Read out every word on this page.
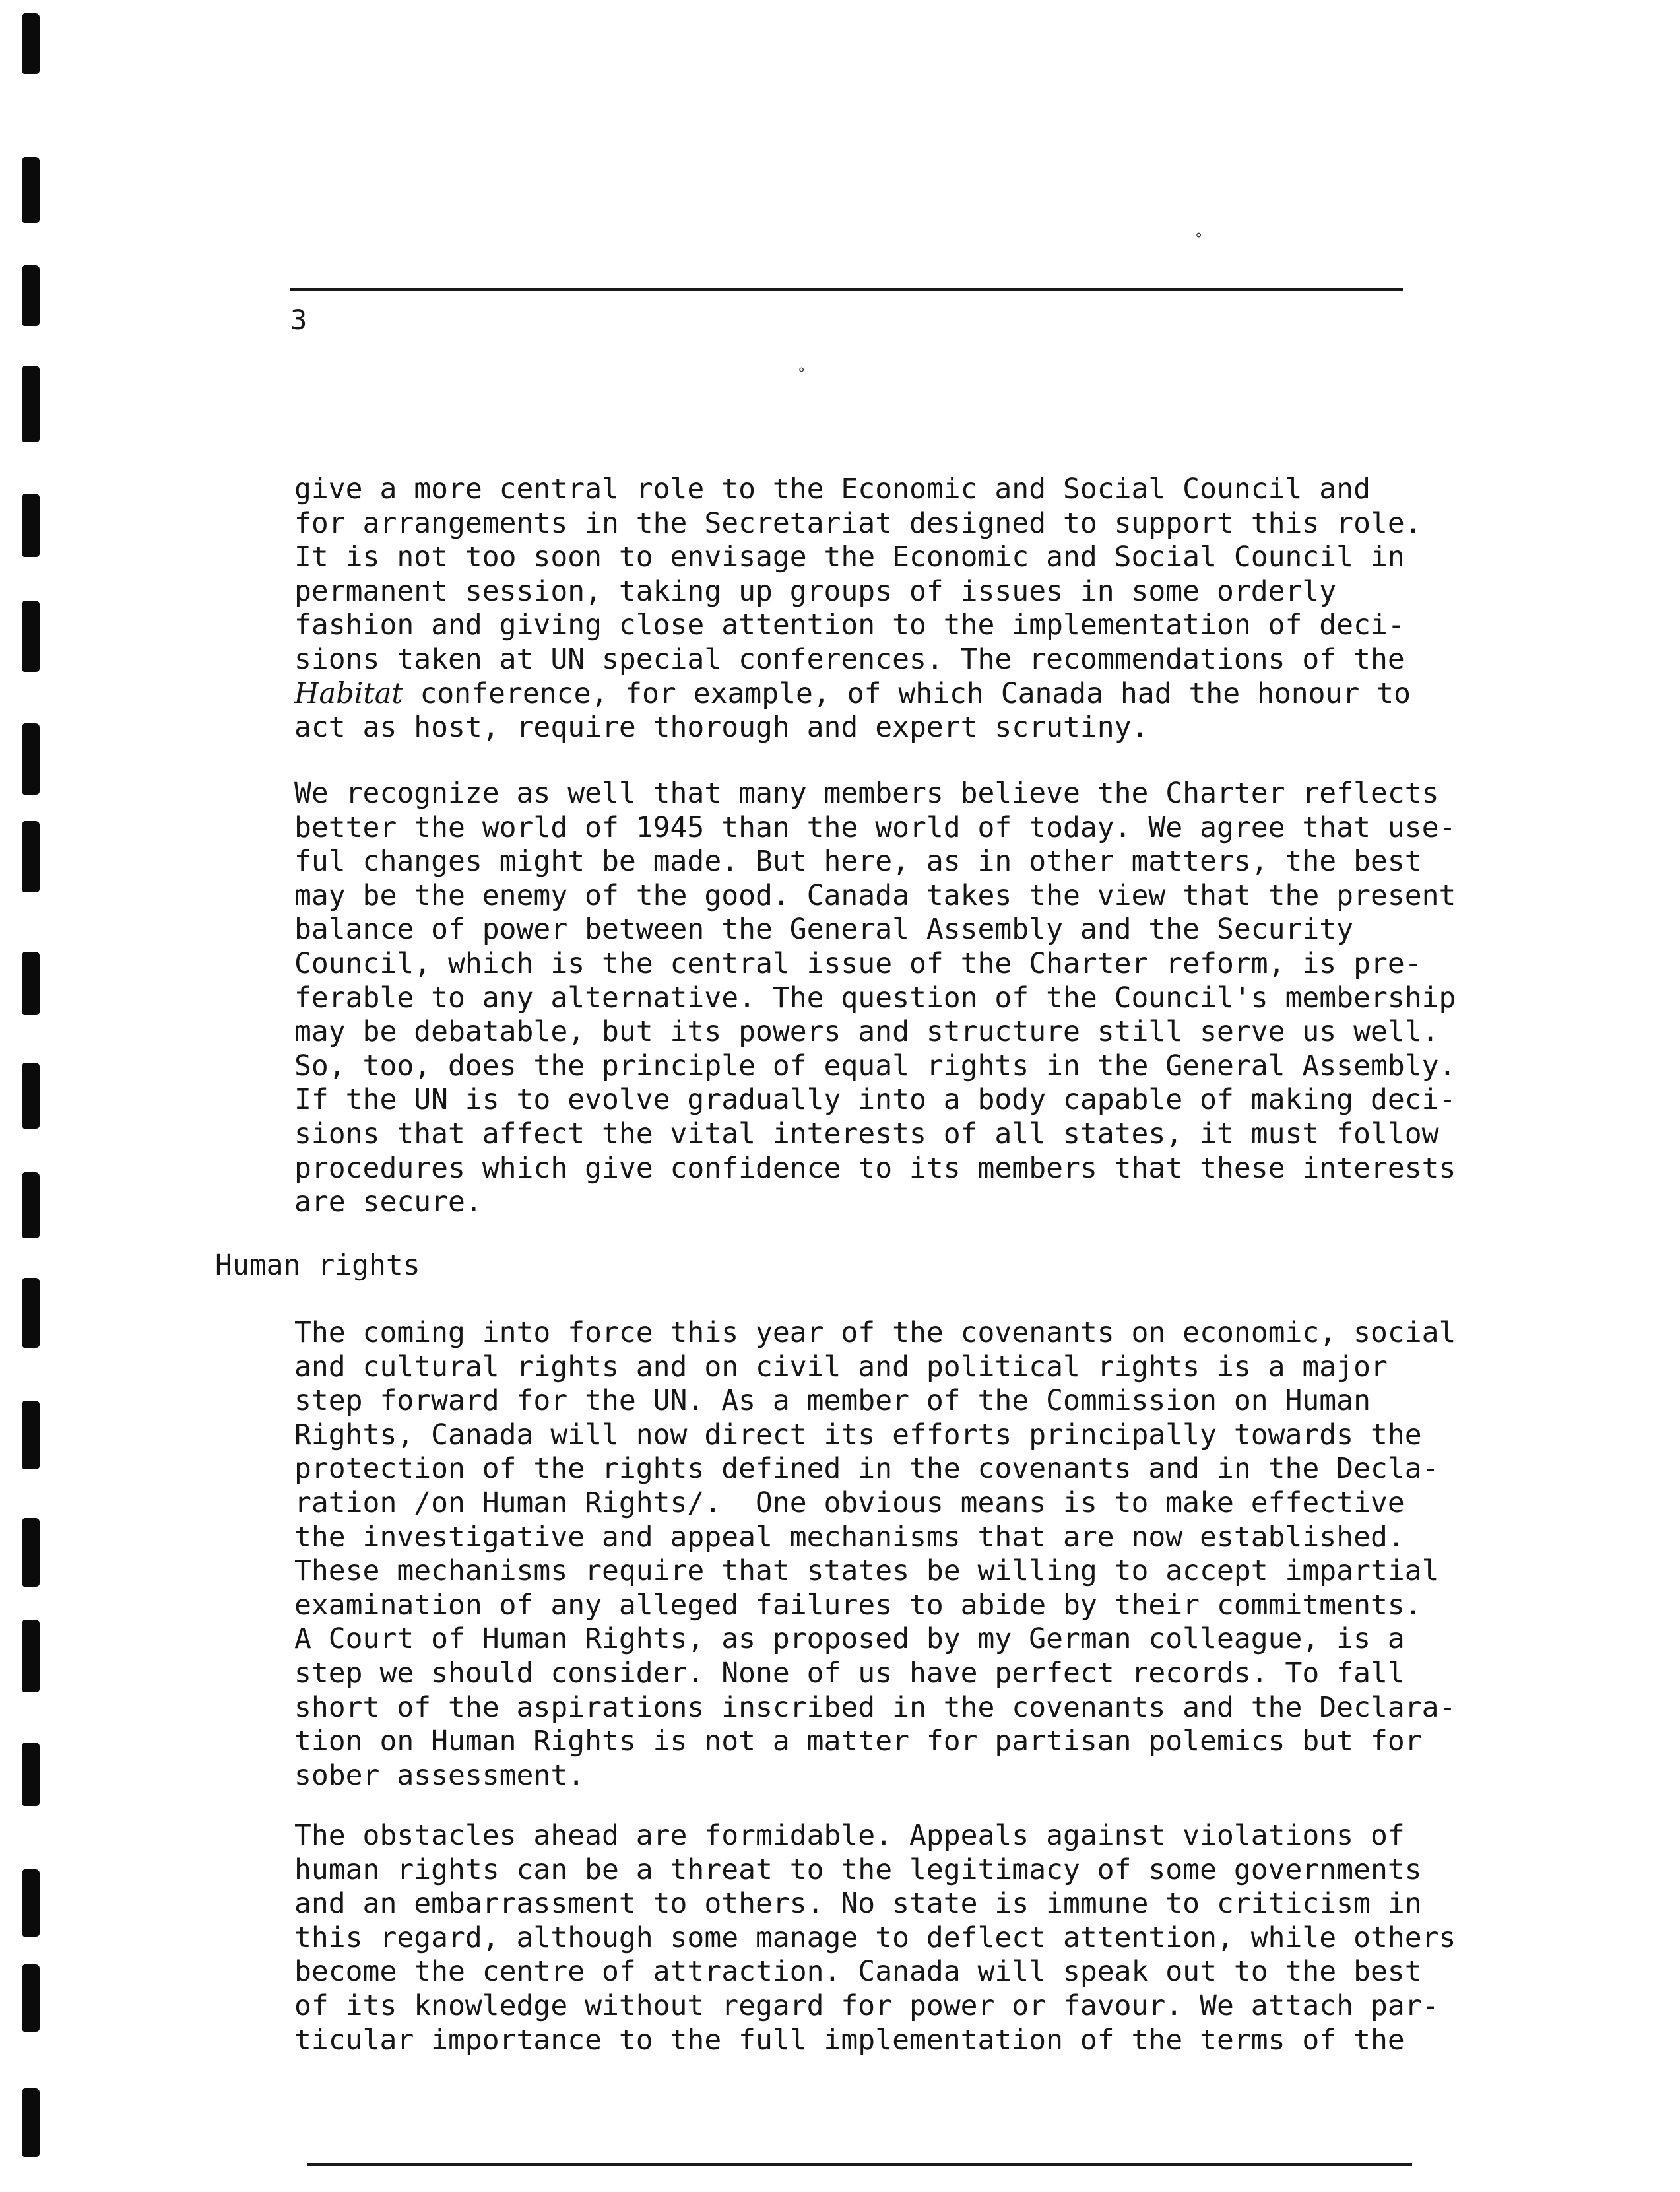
°
°
3
give a more central role to the Economic and Social Council and
for arrangements in the Secretariat designed to support this role.
It is not too soon to envisage the Economic and Social Council in
permanent session, taking up groups of issues in some orderly
fashion and giving close attention to the implementation of deci-
sions taken at UN special conferences. The recommendations of the
Habitat conference, for example, of which Canada had the honour to
act as host, require thorough and expert scrutiny.
We recognize as well that many members believe the Charter reflects
better the world of 1945 than the world of today. We agree that use-
ful changes might be made. But here, as in other matters, the best
may be the enemy of the good. Canada takes the view that the present
balance of power between the General Assembly and the Security
Council, which is the central issue of the Charter reform, is pre-
ferable to any alternative. The question of the Council's membership
may be debatable, but its powers and structure still serve us well.
So, too, does the principle of equal rights in the General Assembly.
If the UN is to evolve gradually into a body capable of making deci-
sions that affect the vital interests of all states, it must follow
procedures which give confidence to its members that these interests
are secure.
Human rights
The coming into force this year of the covenants on economic, social
and cultural rights and on civil and political rights is a major
step forward for the UN. As a member of the Commission on Human
Rights, Canada will now direct its efforts principally towards the
protection of the rights defined in the covenants and in the Decla-
ration /on Human Rights/.  One obvious means is to make effective
the investigative and appeal mechanisms that are now established.
These mechanisms require that states be willing to accept impartial
examination of any alleged failures to abide by their commitments.
A Court of Human Rights, as proposed by my German colleague, is a
step we should consider. None of us have perfect records. To fall
short of the aspirations inscribed in the covenants and the Declara-
tion on Human Rights is not a matter for partisan polemics but for
sober assessment.
The obstacles ahead are formidable. Appeals against violations of
human rights can be a threat to the legitimacy of some governments
and an embarrassment to others. No state is immune to criticism in
this regard, although some manage to deflect attention, while others
become the centre of attraction. Canada will speak out to the best
of its knowledge without regard for power or favour. We attach par-
ticular importance to the full implementation of the terms of the
